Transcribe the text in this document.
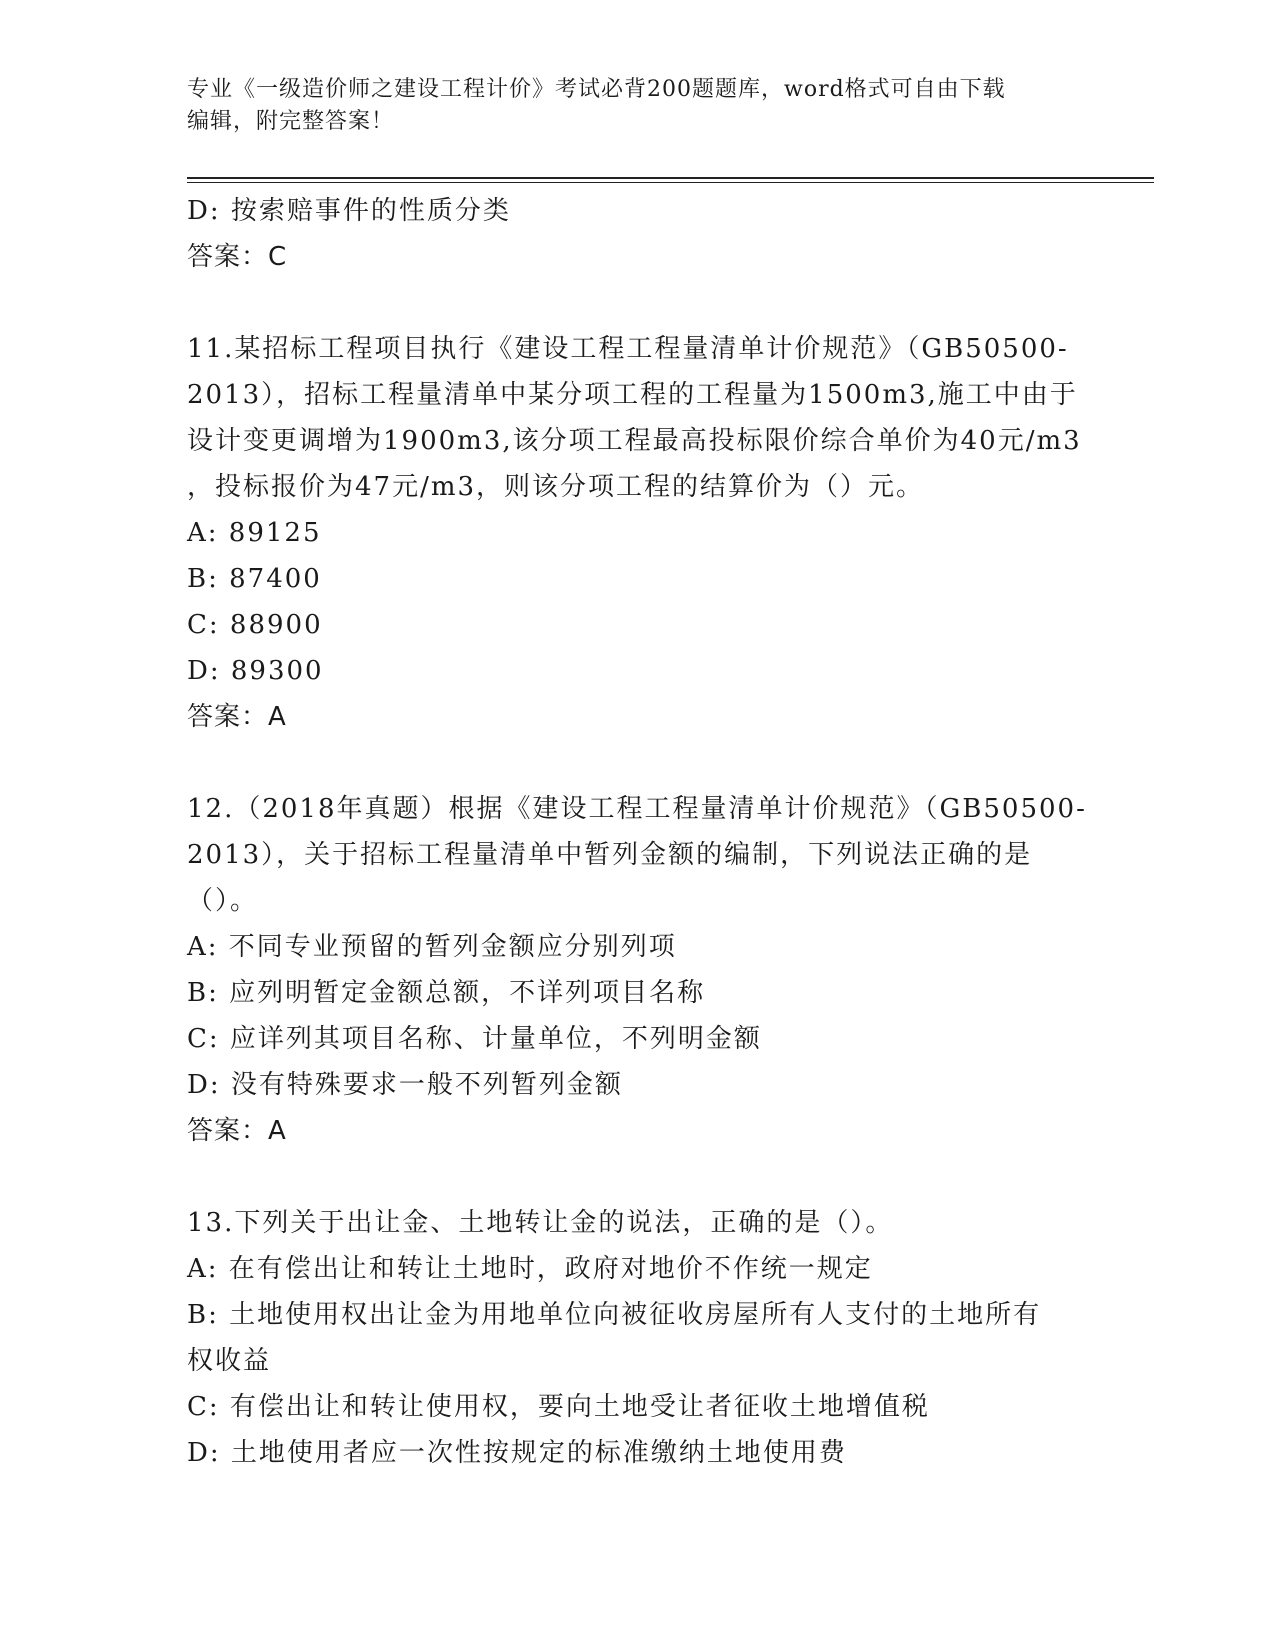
专业《一级造价师之建设工程计价》考试必背200题题库，word格式可自由下载
编辑，附完整答案！
D: 按索赔事件的性质分类
答案：C
11.某招标工程项目执行《建设工程工程量清单计价规范》（GB50500-
2013），招标工程量清单中某分项工程的工程量为1500m3,施工中由于
设计变更调增为1900m3,该分项工程最高投标限价综合单价为40元/m3
，投标报价为47元/m3，则该分项工程的结算价为（）元。
A: 89125
B: 87400
C: 88900
D: 89300
答案：A
12.（2018年真题）根据《建设工程工程量清单计价规范》（GB50500-
2013），关于招标工程量清单中暂列金额的编制，下列说法正确的是
（）。
A: 不同专业预留的暂列金额应分别列项
B: 应列明暂定金额总额，不详列项目名称
C: 应详列其项目名称、计量单位，不列明金额
D: 没有特殊要求一般不列暂列金额
答案：A
13.下列关于出让金、土地转让金的说法，正确的是（）。
A: 在有偿出让和转让土地时，政府对地价不作统一规定
B: 土地使用权出让金为用地单位向被征收房屋所有人支付的土地所有
权收益
C: 有偿出让和转让使用权，要向土地受让者征收土地增值税
D: 土地使用者应一次性按规定的标准缴纳土地使用费
